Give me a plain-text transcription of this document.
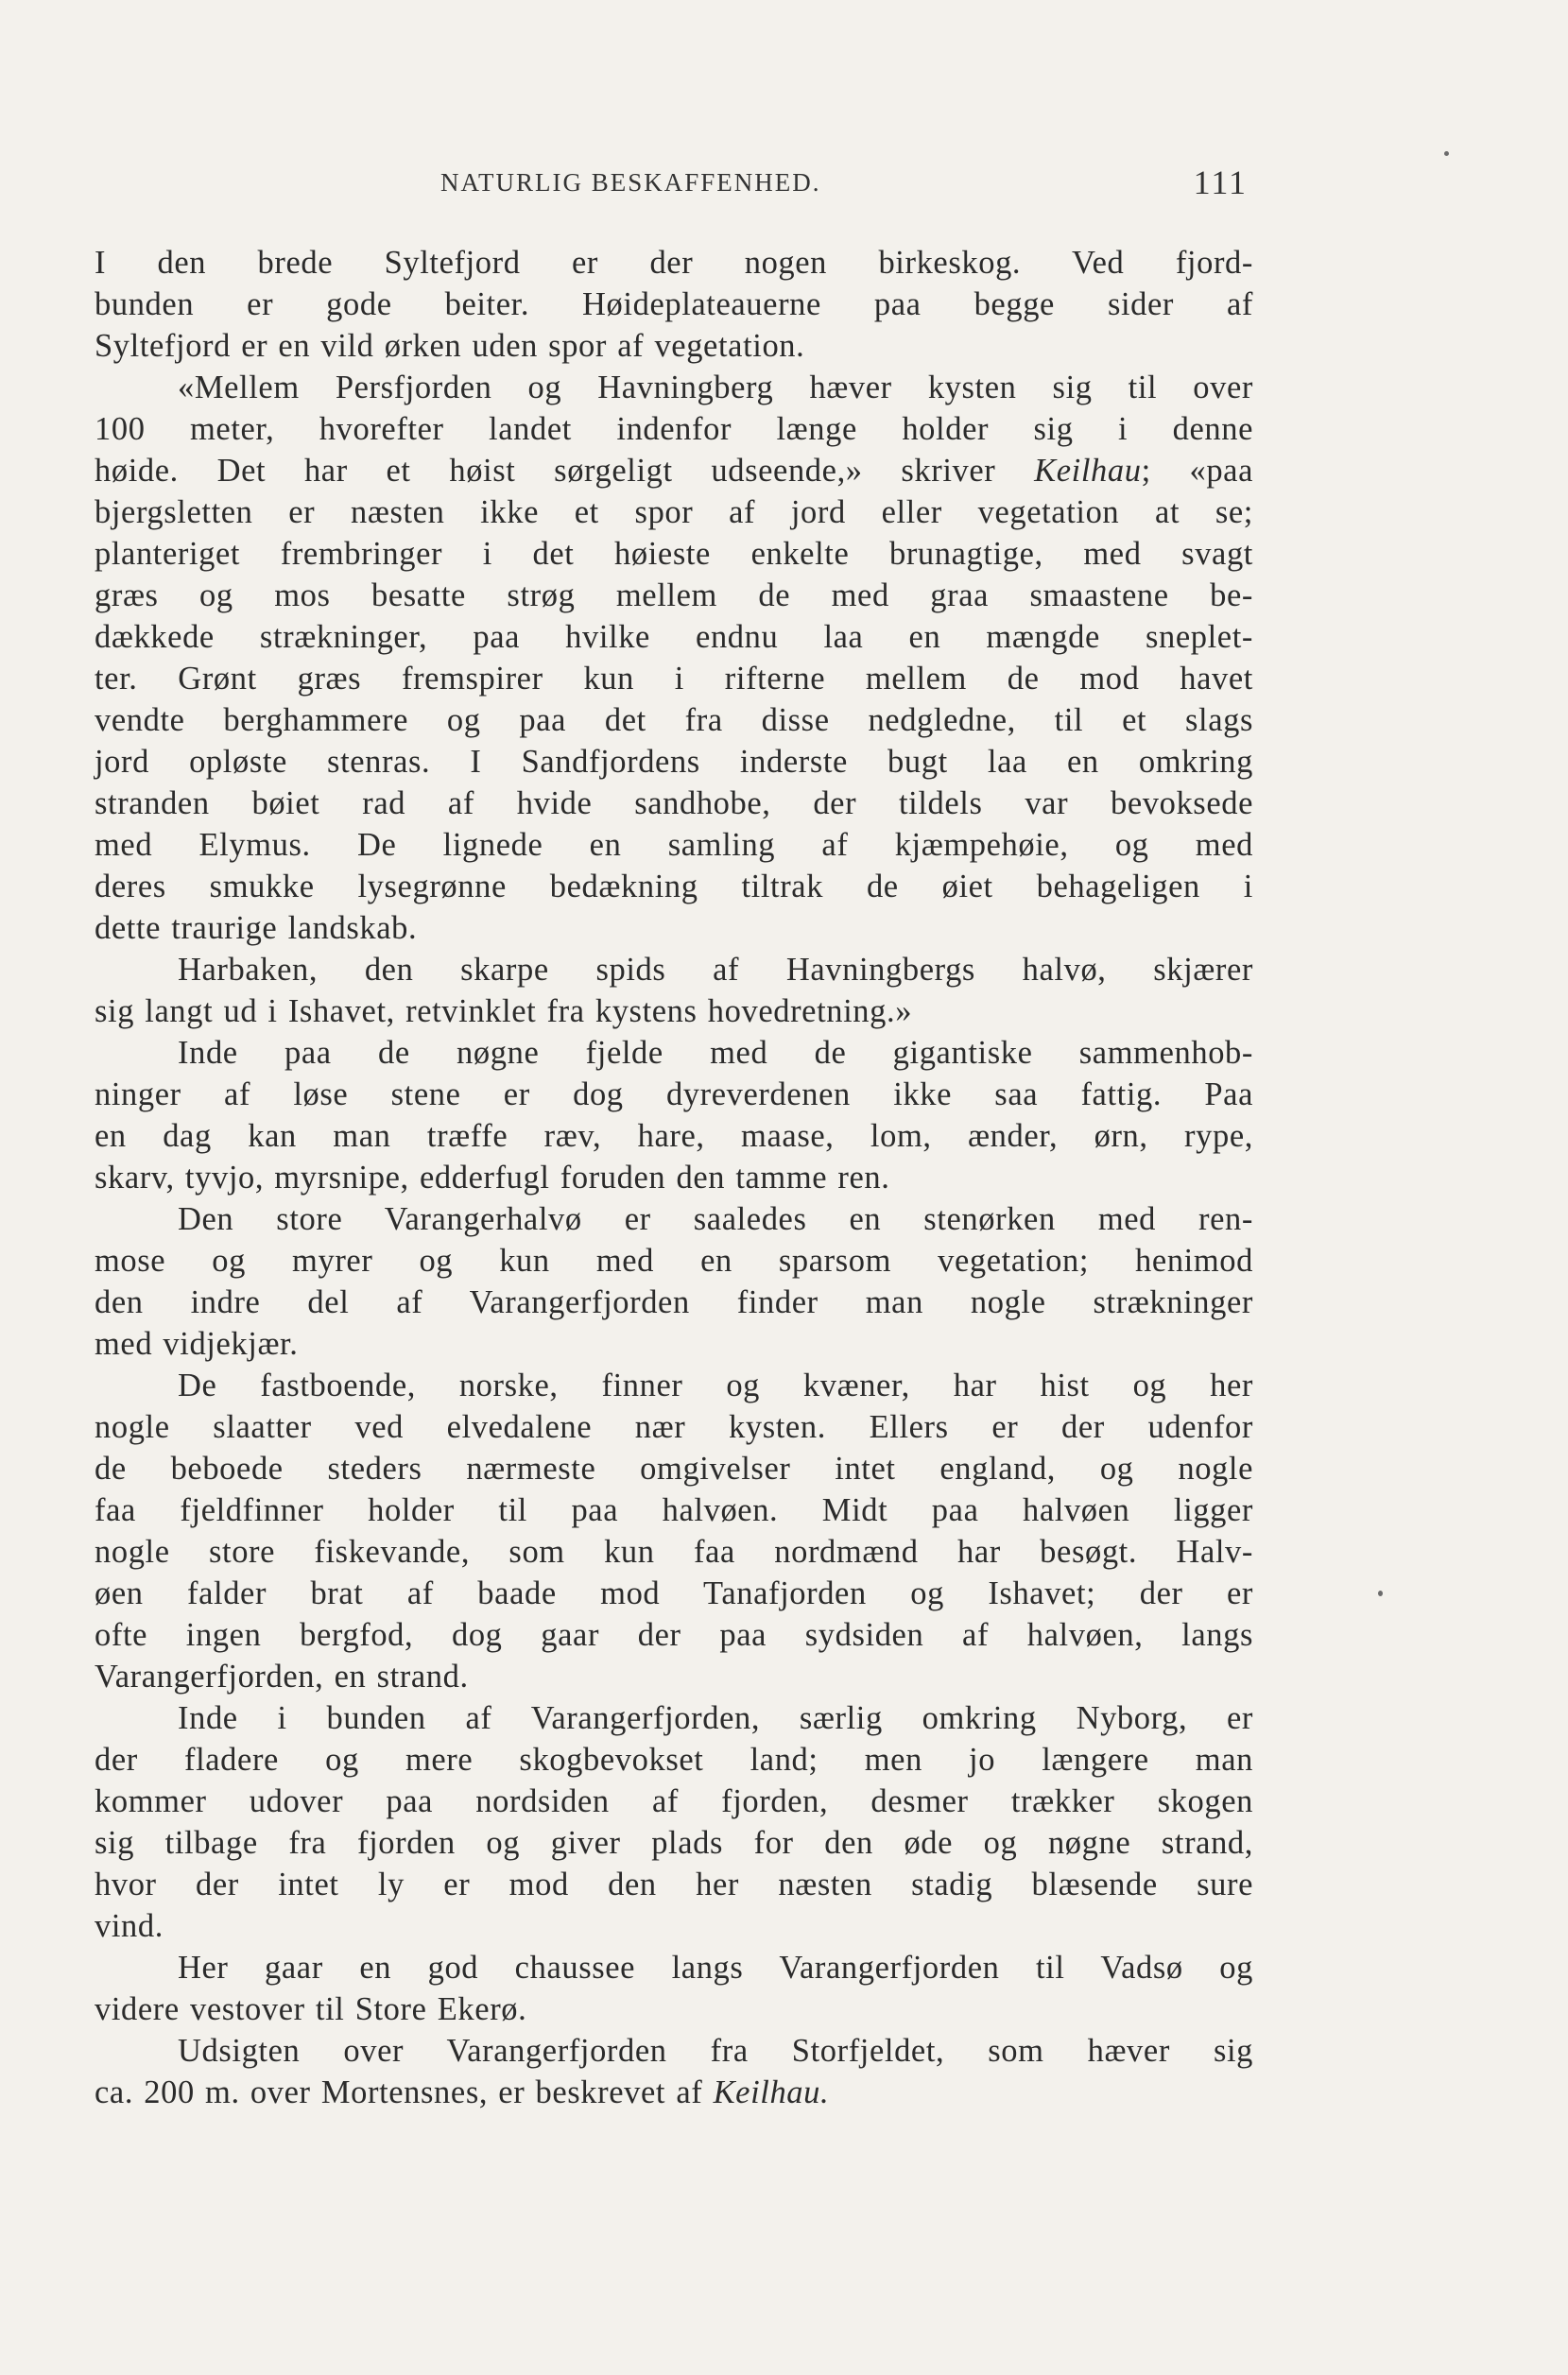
NATURLIG BESKAFFENHED.	111

I den brede Syltefjord er der nogen birkeskog. Ved fjord-
bunden er gode beiter. Høideplateauerne paa begge sider af
Syltefjord er en vild ørken uden spor af vegetation.

«Mellem Persfjorden og Havningberg hæver kysten sig til over
100 meter, hvorefter landet indenfor længe holder sig i denne
høide. Det har et høist sørgeligt udseende,» skriver Keilhau; «paa
bjergsletten er næsten ikke et spor af jord eller vegetation at se;
planteriget frembringer i det høieste enkelte brunagtige, med svagt
græs og mos besatte strøg mellem de med graa smaastene be-
dækkede strækninger, paa hvilke endnu laa en mængde sneplet-
ter. Grønt græs fremspirer kun i rifterne mellem de mod havet
vendte berghammere og paa det fra disse nedgledne, til et slags
jord opløste stenras. I Sandfjordens inderste bugt laa en omkring
stranden bøiet rad af hvide sandhobe, der tildels var bevoksede
med Elymus. De lignede en samling af kjæmpehøie, og med
deres smukke lysegrønne bedækning tiltrak de øiet behageligen i
dette traurige landskab.

Harbaken, den skarpe spids af Havningbergs halvø, skjærer
sig langt ud i Ishavet, retvinklet fra kystens hovedretning.»

Inde paa de nøgne fjelde med de gigantiske sammenhob-
ninger af løse stene er dog dyreverdenen ikke saa fattig. Paa
en dag kan man træffe ræv, hare, maase, lom, ænder, ørn, rype,
skarv, tyvjo, myrsnipe, edderfugl foruden den tamme ren.

Den store Varangerhalvø er saaledes en stenørken med ren-
mose og myrer og kun med en sparsom vegetation; henimod
den indre del af Varangerfjorden finder man nogle strækninger
med vidjekjær.

De fastboende, norske, finner og kvæner, har hist og her
nogle slaatter ved elvedalene nær kysten. Ellers er der udenfor
de beboede steders nærmeste omgivelser intet england, og nogle
faa fjeldfinner holder til paa halvøen. Midt paa halvøen ligger
nogle store fiskevande, som kun faa nordmænd har besøgt. Halv-
øen falder brat af baade mod Tanafjorden og Ishavet; der er
ofte ingen bergfod, dog gaar der paa sydsiden af halvøen, langs
Varangerfjorden, en strand.

Inde i bunden af Varangerfjorden, særlig omkring Nyborg, er
der fladere og mere skogbevokset land; men jo længere man
kommer udover paa nordsiden af fjorden, desmer trækker skogen
sig tilbage fra fjorden og giver plads for den øde og nøgne strand,
hvor der intet ly er mod den her næsten stadig blæsende sure
vind.

Her gaar en god chaussee langs Varangerfjorden til Vadsø og
videre vestover til Store Ekerø.

Udsigten over Varangerfjorden fra Storfjeldet, som hæver sig
ca. 200 m. over Mortensnes, er beskrevet af Keilhau.
